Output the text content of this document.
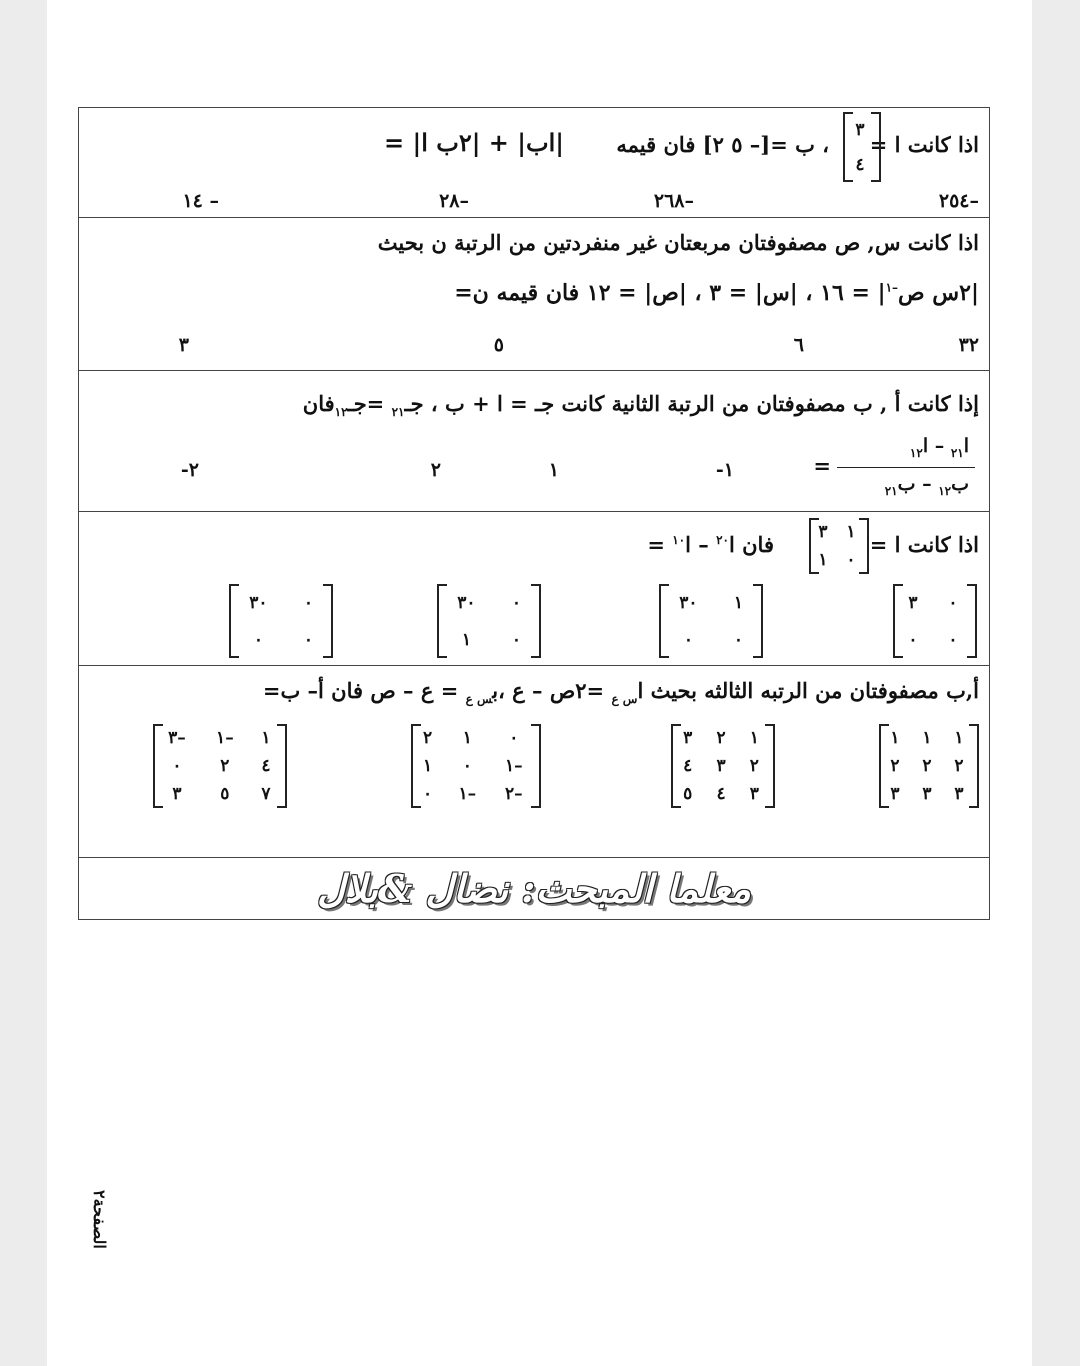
اذا كانت ا =
٣
٤
، ب =[– ٥ ٢] فان قيمه
|اب| + |٢ب ا| =
–٢٥٤
–٢٦٨
–٢٨
– ١٤
اذا كانت س, ص مصفوفتان مربعتان غير منفردتين من الرتبة ن بحيث
|٢س ص$^{-١}$| = ١٦ ، |س| = ٣ ، |ص| = ١٢ فان قيمه ن=
٣٢
٦
٥
٣
إذا كانت أ , ب مصفوفتان من الرتبة الثانية كانت جـ = ا + ب ، جـ$_{٢١}$ =جـ$_{١٢}$فان
ا$_{٢١}$ – ا$_{١٢}$
ب$_{١٢}$ – ب$_{٢١}$
=
١-
١
٢
٢-
اذا كانت ا =
٣	١
١	٠
فان ا$^{٢٠}$ – ا$^{١٠}$ =
٣	٠
٠	٠
٣٠	١
٠	٠
٣٠	٠
١	٠
٣٠	٠
٠	٠
أ,ب مصفوفتان من الرتبه الثالثه بحيث ا$_{س ع}$ =٢ص – ع ،ب$_{س ع}$ = ع – ص فان أ– ب=
١	١	١
٢	٢	٢
٣	٣	٣
١	٢	٣
٢	٣	٤
٣	٤	٥
٠	١	٢
–١	٠	١
–٢	–١	٠
١	–١	–٣
٤	٢	٠
٧	٥	٣
معلما المبحث: نضال &بلال
الصفحة٢
